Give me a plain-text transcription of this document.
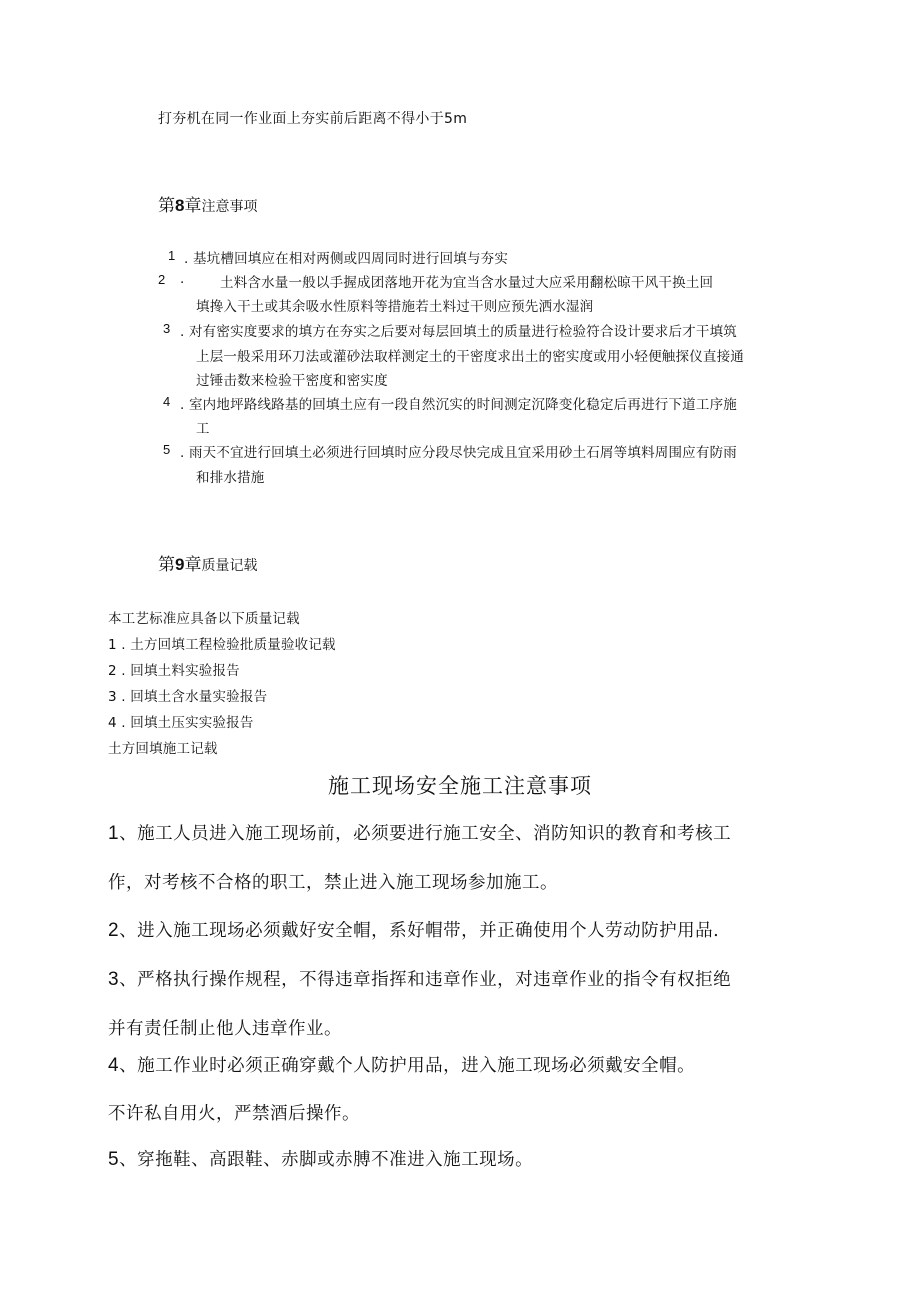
打夯机在同一作业面上夯实前后距离不得小于5m
第8章注意事项
1 . 基坑槽回填应在相对两侧或四周同时进行回填与夯实
2 .	土料含水量一般以手握成团落地开花为宜当含水量过大应采用翻松晾干风干换土回
填搀入干土或其余吸水性原料等措施若土料过干则应预先洒水湿润
3 . 对有密实度要求的填方在夯实之后要对每层回填土的质量进行检验符合设计要求后才干填筑
上层一般采用环刀法或灌砂法取样测定土的干密度求出土的密实度或用小轻便触探仪直接通
过锤击数来检验干密度和密实度
4 . 室内地坪路线路基的回填土应有一段自然沉实的时间测定沉降变化稳定后再进行下道工序施
工
5 . 雨天不宜进行回填土必须进行回填时应分段尽快完成且宜采用砂土石屑等填料周围应有防雨
和排水措施
第9章质量记载
本工艺标准应具备以下质量记载
1 . 土方回填工程检验批质量验收记载
2 . 回填土料实验报告
3 . 回填土含水量实验报告
4 . 回填土压实实验报告
土方回填施工记载
施工现场安全施工注意事项
1、施工人员进入施工现场前，必须要进行施工安全、消防知识的教育和考核工
作，对考核不合格的职工，禁止进入施工现场参加施工。
2、进入施工现场必须戴好安全帽，系好帽带，并正确使用个人劳动防护用品.
3、严格执行操作规程，不得违章指挥和违章作业，对违章作业的指令有权拒绝
并有责任制止他人违章作业。
4、施工作业时必须正确穿戴个人防护用品，进入施工现场必须戴安全帽。
不许私自用火，严禁酒后操作。
5、穿拖鞋、高跟鞋、赤脚或赤膊不准进入施工现场。
